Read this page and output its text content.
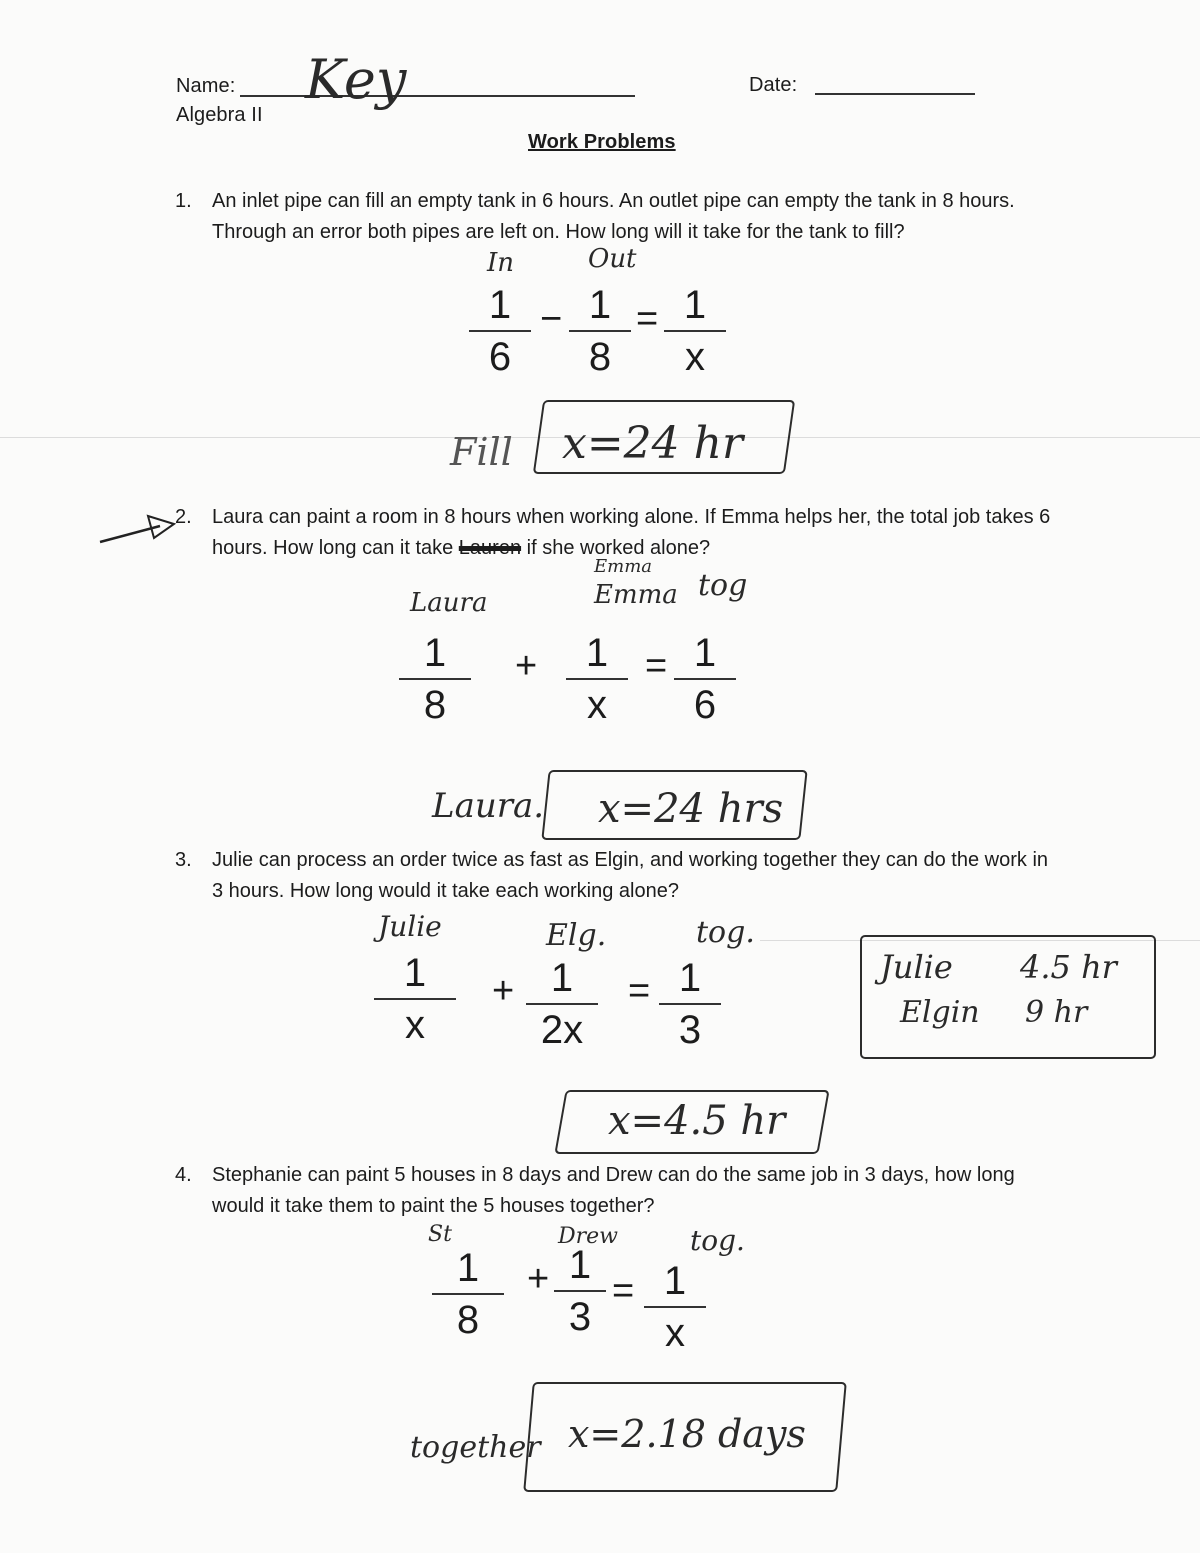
Name: Key
Algebra II
Date:
Work Problems
1. An inlet pipe can fill an empty tank in 6 hours. An outlet pipe can empty the tank in 8 hours. Through an error both pipes are left on. How long will it take for the tank to fill?
In	Out
1
6
− 1
8
= 1
x
Fill x=24 hr
2. Laura can paint a room in 8 hours when working alone. If Emma helps her, the total job takes 6 hours. How long can it take Lauren if she worked alone?
Emma
Laura	Emma tog
1
8
+	1
x
= 1
6
Laura. x=24 hrs
3. Julie can process an order twice as fast as Elgin, and working together they can do the work in 3 hours. How long would it take each working alone?
Julie	Elg.	tog.
1
x
+ 1
2x
= 1
3
Julie 4.5 hr
Elgin 9 hr
x=4.5 hr
4. Stephanie can paint 5 houses in 8 days and Drew can do the same job in 3 days, how long would it take them to paint the 5 houses together?
St	Drew	tog.
1
8
+ 1
3
= 1
x
together x=2.18 days
